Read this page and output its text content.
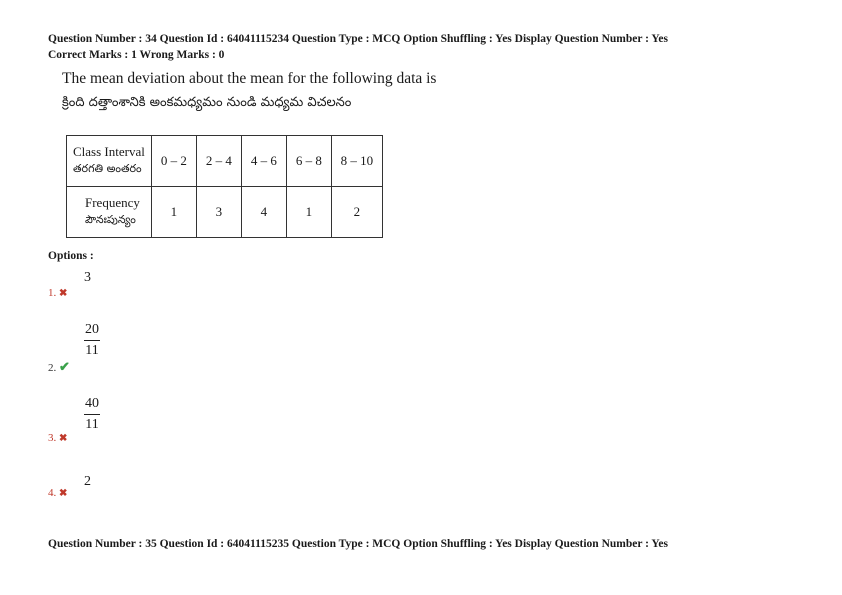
Question Number : 34 Question Id : 64041115234 Question Type : MCQ Option Shuffling : Yes Display Question Number : Yes
Correct Marks : 1 Wrong Marks : 0
The mean deviation about the mean for the following data is
క్రింది దత్తాంశానికి అంకమధ్యమం నుండి మధ్యమ విచలనం
Class Interval
తరగతి అంతరం	0 – 2	2 – 4	4 – 6	6 – 8	8 – 10
Frequency
పౌనఃపున్యం	1	3	4	1	2
Options :
3
1. ✖
20
11
2. ✔
40
11
3. ✖
2
4. ✖
Question Number : 35 Question Id : 64041115235 Question Type : MCQ Option Shuffling : Yes Display Question Number : Yes
